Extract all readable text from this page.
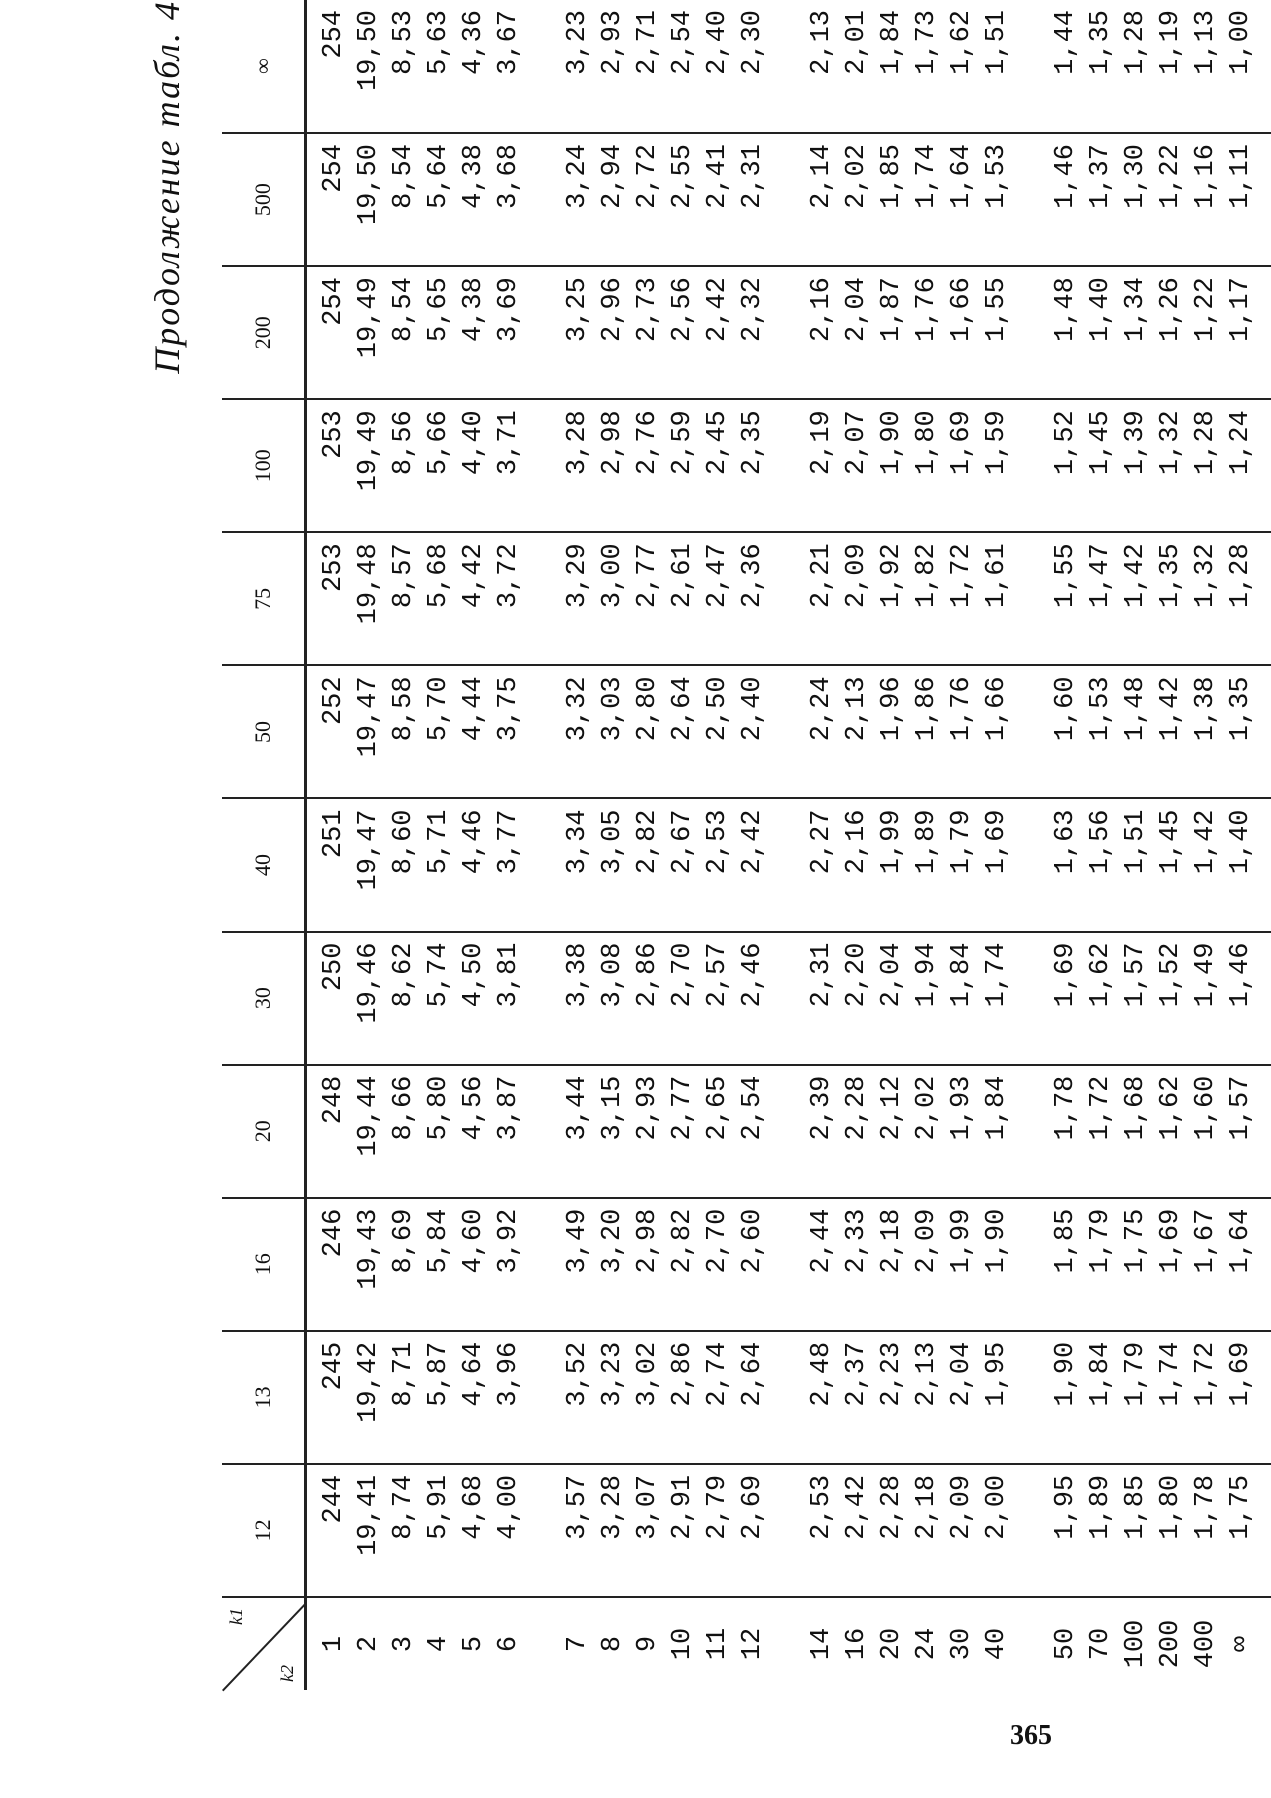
Продолжение табл. 4
k1
k2	12	13	16	20	30	40	50	75	100	200	500	∞
1	244	245	246	248	250	251	252	253	253	254	254	254
2	19,41	19,42	19,43	19,44	19,46	19,47	19,47	19,48	19,49	19,49	19,50	19,50
3	8,74	8,71	8,69	8,66	8,62	8,60	8,58	8,57	8,56	8,54	8,54	8,53
4	5,91	5,87	5,84	5,80	5,74	5,71	5,70	5,68	5,66	5,65	5,64	5,63
5	4,68	4,64	4,60	4,56	4,50	4,46	4,44	4,42	4,40	4,38	4,38	4,36
6	4,00	3,96	3,92	3,87	3,81	3,77	3,75	3,72	3,71	3,69	3,68	3,67
7	3,57	3,52	3,49	3,44	3,38	3,34	3,32	3,29	3,28	3,25	3,24	3,23
8	3,28	3,23	3,20	3,15	3,08	3,05	3,03	3,00	2,98	2,96	2,94	2,93
9	3,07	3,02	2,98	2,93	2,86	2,82	2,80	2,77	2,76	2,73	2,72	2,71
10	2,91	2,86	2,82	2,77	2,70	2,67	2,64	2,61	2,59	2,56	2,55	2,54
11	2,79	2,74	2,70	2,65	2,57	2,53	2,50	2,47	2,45	2,42	2,41	2,40
12	2,69	2,64	2,60	2,54	2,46	2,42	2,40	2,36	2,35	2,32	2,31	2,30
14	2,53	2,48	2,44	2,39	2,31	2,27	2,24	2,21	2,19	2,16	2,14	2,13
16	2,42	2,37	2,33	2,28	2,20	2,16	2,13	2,09	2,07	2,04	2,02	2,01
20	2,28	2,23	2,18	2,12	2,04	1,99	1,96	1,92	1,90	1,87	1,85	1,84
24	2,18	2,13	2,09	2,02	1,94	1,89	1,86	1,82	1,80	1,76	1,74	1,73
30	2,09	2,04	1,99	1,93	1,84	1,79	1,76	1,72	1,69	1,66	1,64	1,62
40	2,00	1,95	1,90	1,84	1,74	1,69	1,66	1,61	1,59	1,55	1,53	1,51
50	1,95	1,90	1,85	1,78	1,69	1,63	1,60	1,55	1,52	1,48	1,46	1,44
70	1,89	1,84	1,79	1,72	1,62	1,56	1,53	1,47	1,45	1,40	1,37	1,35
100	1,85	1,79	1,75	1,68	1,57	1,51	1,48	1,42	1,39	1,34	1,30	1,28
200	1,80	1,74	1,69	1,62	1,52	1,45	1,42	1,35	1,32	1,26	1,22	1,19
400	1,78	1,72	1,67	1,60	1,49	1,42	1,38	1,32	1,28	1,22	1,16	1,13
∞	1,75	1,69	1,64	1,57	1,46	1,40	1,35	1,28	1,24	1,17	1,11	1,00
365
